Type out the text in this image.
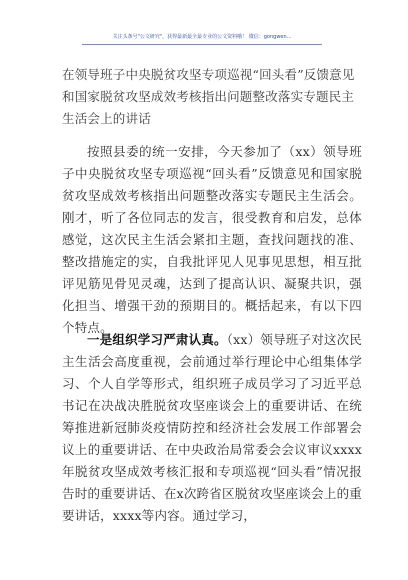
关注头条号"公文研究"，获得最新最全最专业的公文资料哦！ 微信：gongwen...
在领导班子中央脱贫攻坚专项巡视“回头看”反馈意见和国家脱贫攻坚成效考核指出问题整改落实专题民主生活会上的讲话
按照县委的统一安排，今天参加了（xx）领导班子中央脱贫攻坚专项巡视“回头看”反馈意见和国家脱贫攻坚成效考核指出问题整改落实专题民主生活会。刚才，听了各位同志的发言，很受教育和启发，总体感觉，这次民主生活会紧扣主题，查找问题找的准、整改措施定的实，自我批评见人见事见思想，相互批评见筋见骨见灵魂，达到了提高认识、凝聚共识，强化担当、增强干劲的预期目的。概括起来，有以下四个特点。
一是组织学习严肃认真。（xx）领导班子对这次民主生活会高度重视，会前通过举行理论中心组集体学习、个人自学等形式，组织班子成员学习了习近平总书记在决战决胜脱贫攻坚座谈会上的重要讲话、在统筹推进新冠肺炎疫情防控和经济社会发展工作部署会议上的重要讲话、在中央政治局常委会会议审议xxxx年脱贫攻坚成效考核汇报和专项巡视“回头看”情况报告时的重要讲话、在x次跨省区脱贫攻坚座谈会上的重要讲话，xxxx等内容。通过学习，
